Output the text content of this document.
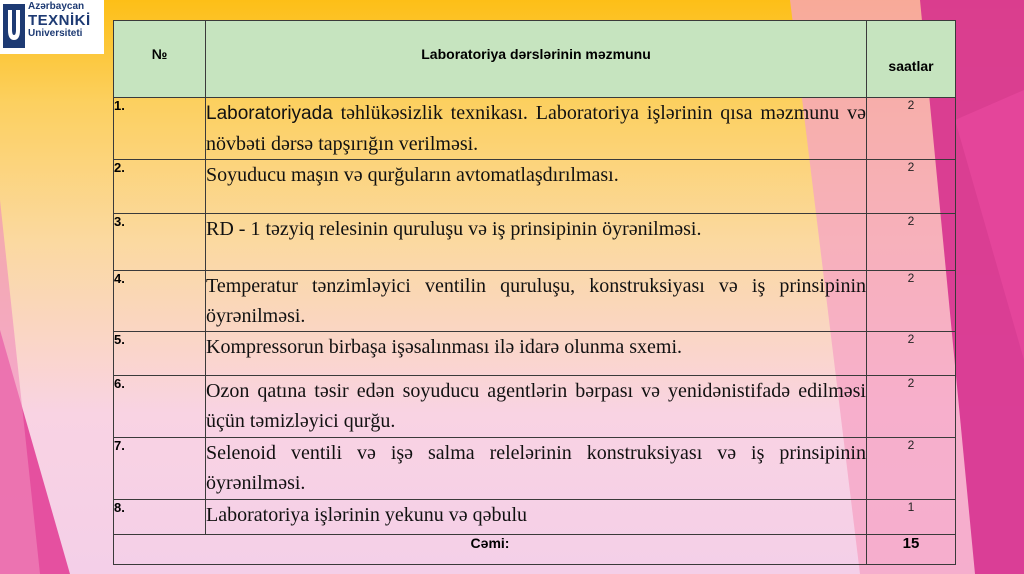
Azərbaycan
TEXNİKİ
Universiteti
№	Laboratoriya dərslərinin məzmunu	saatlar
1.	Laboratoriyada təhlükəsizlik texnikası. Laboratoriya işlərinin qısa məzmunu və növbəti dərsə tapşırığın verilməsi.	2
2.	Soyuducu maşın və qurğuların avtomatlaşdırılması.	2
3.	RD - 1 təzyiq relesinin quruluşu və iş prinsipinin öyrənilməsi.	2
4.	Temperatur tənzimləyici ventilin quruluşu, konstruksiyası və iş prinsipinin öyrənilməsi.	2
5.	Kompressorun birbaşa işəsalınması ilə idarə olunma sxemi.	2
6.	Ozon qatına təsir edən soyuducu agentlərin bərpası və yenidənistifadə edilməsi üçün təmizləyici qurğu.	2
7.	Selenoid ventili və işə salma relelərinin konstruksiyası və iş prinsipinin öyrənilməsi.	2
8.	Laboratoriya işlərinin yekunu və qəbulu	1
Cəmi:		15
